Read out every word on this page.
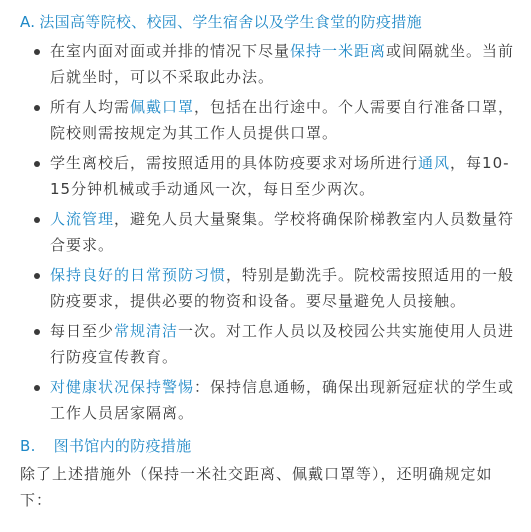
A. 法国高等院校、校园、学生宿舍以及学生食堂的防疫措施
在室内面对面或并排的情况下尽量保持一米距离或间隔就坐。当前后就坐时，可以不采取此办法。
所有人均需佩戴口罩，包括在出行途中。个人需要自行准备口罩，院校则需按规定为其工作人员提供口罩。
学生离校后，需按照适用的具体防疫要求对场所进行通风，每10-15分钟机械或手动通风一次，每日至少两次。
人流管理，避免人员大量聚集。学校将确保阶梯教室内人员数量符合要求。
保持良好的日常预防习惯，特别是勤洗手。院校需按照适用的一般防疫要求，提供必要的物资和设备。要尽量避免人员接触。
每日至少常规清洁一次。对工作人员以及校园公共实施使用人员进行防疫宣传教育。
对健康状况保持警惕：保持信息通畅，确保出现新冠症状的学生或工作人员居家隔离。
B. 图书馆内的防疫措施

除了上述措施外（保持一米社交距离、佩戴口罩等），还明确规定如下：
